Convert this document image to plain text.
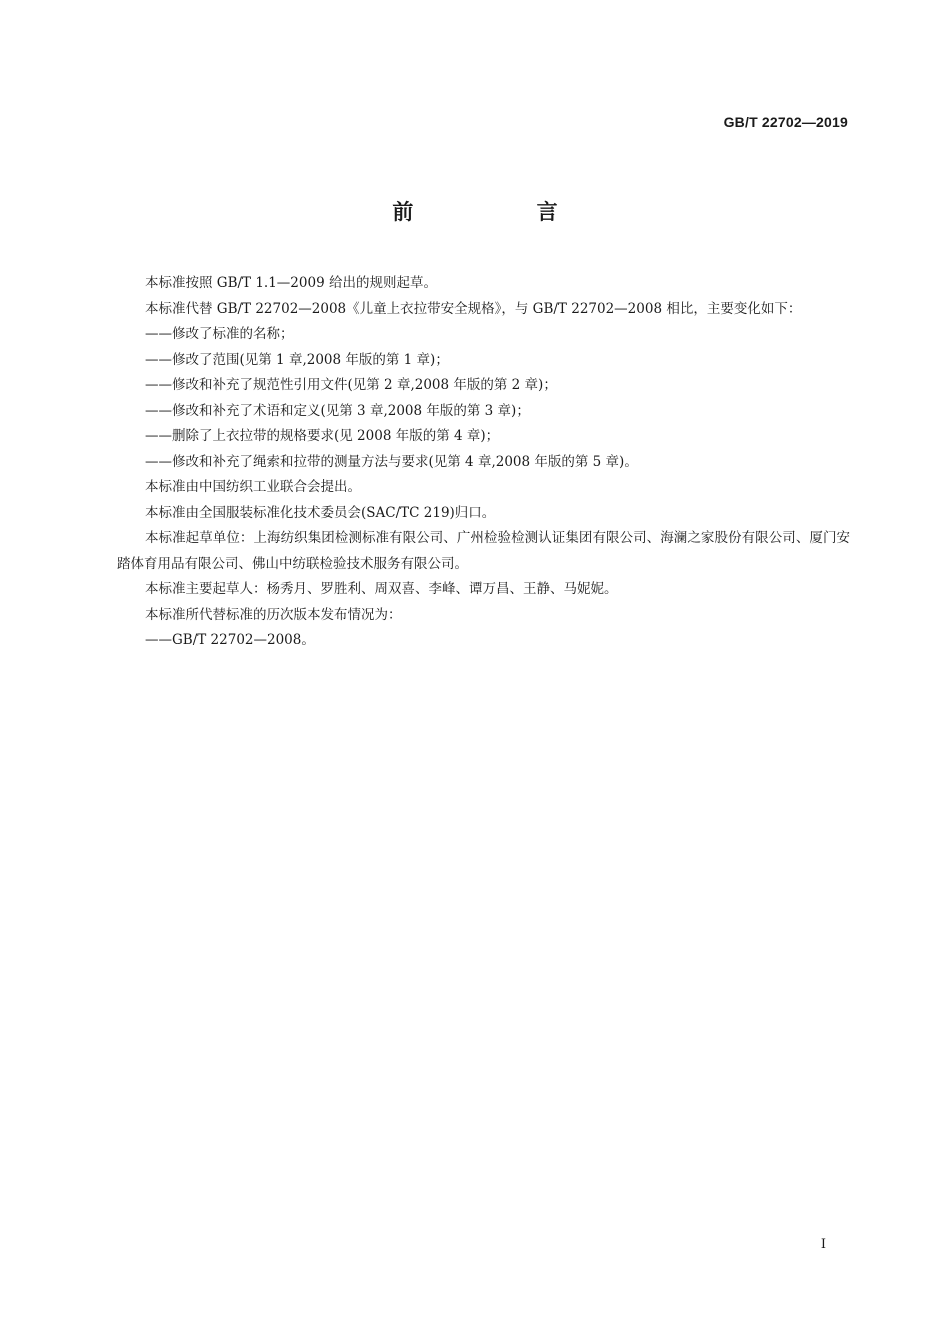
GB/T 22702—2019
前 言

本标准按照 GB/T 1.1—2009 给出的规则起草。

本标准代替 GB/T 22702—2008《儿童上衣拉带安全规格》，与 GB/T 22702—2008 相比，主要变化如下：

——修改了标准的名称；

——修改了范围(见第 1 章,2008 年版的第 1 章)；

——修改和补充了规范性引用文件(见第 2 章,2008 年版的第 2 章)；

——修改和补充了术语和定义(见第 3 章,2008 年版的第 3 章)；

——删除了上衣拉带的规格要求(见 2008 年版的第 4 章)；

——修改和补充了绳索和拉带的测量方法与要求(见第 4 章,2008 年版的第 5 章)。

本标准由中国纺织工业联合会提出。

本标准由全国服装标准化技术委员会(SAC/TC 219)归口。

本标准起草单位：上海纺织集团检测标准有限公司、广州检验检测认证集团有限公司、海澜之家股份有限公司、厦门安踏体育用品有限公司、佛山中纺联检验技术服务有限公司。

本标准主要起草人：杨秀月、罗胜利、周双喜、李峰、谭万昌、王静、马妮妮。

本标准所代替标准的历次版本发布情况为：

——GB/T 22702—2008。

I
